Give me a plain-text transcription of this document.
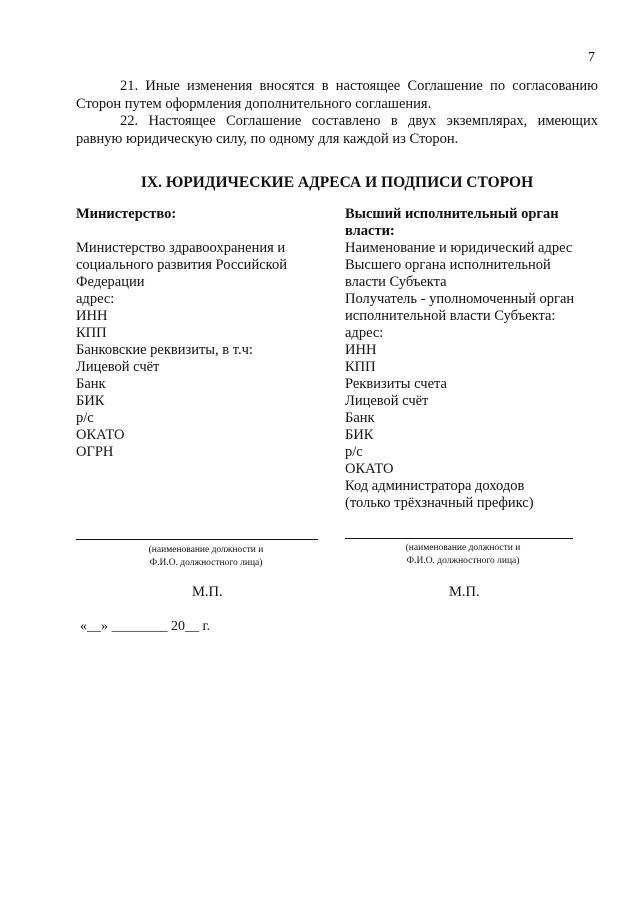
7
21. Иные изменения вносятся в настоящее Соглашение по согласованию Сторон путем оформления дополнительного соглашения.
22. Настоящее Соглашение составлено в двух экземплярах, имеющих равную юридическую силу, по одному для каждой из Сторон.
IX. ЮРИДИЧЕСКИЕ АДРЕСА И ПОДПИСИ СТОРОН
Министерство:
Министерство здравоохранения и
социального развития Российской
Федерации
адрес:
ИНН
КПП
Банковские реквизиты, в т.ч:
Лицевой счёт
Банк
БИК
р/с
ОКАТО
ОГРН
Высший исполнительный орган
власти:
Наименование и юридический адрес
Высшего органа исполнительной
власти Субъекта
Получатель - уполномоченный орган
исполнительной власти Субъекта:
адрес:
ИНН
КПП
Реквизиты счета
Лицевой счёт
Банк
БИК
р/с
ОКАТО
Код администратора доходов
(только трёхзначный префикс)
(наименование должности и
Ф.И.О. должностного лица)
(наименование должности и
Ф.И.О. должностного лица)
М.П.	М.П.
«__» ________ 20__ г.
